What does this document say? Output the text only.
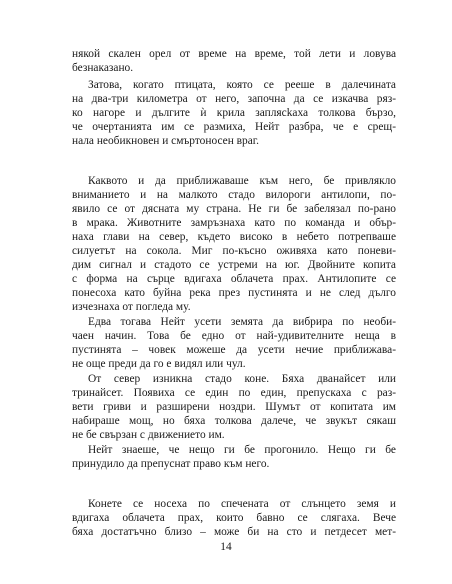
някой скален орел от време на време, той лети и ловува
безнаказано.
Затова, когато птицата, която се рееше в далечината
на два-три километра от него, започна да се изкачва ряз-
ко нагоре и дългите ѝ крила заплясkaха толкова бързо,
че очертанията им се размиха, Нейт разбра, че е срещ-
нала необикновен и смъртоносен враг.
Каквото и да приближаваше към него, бе привлякло
вниманието и на малкото стадо вилороги антилопи, по-
явило се от дясната му страна. Не ги бе забелязал по-рано
в мрака. Животните замръзнаха като по команда и обър-
наха глави на север, където високо в небето потрепваше
силуетът на сокола. Миг по-късно оживяха като поневи-
дим сигнал и стадото се устреми на юг. Двойните копита
с форма на сърце вдигаха облачета прах. Антилопите се
понесоха като буйна река през пустинята и не след дълго
изчезнаха от погледа му.
Едва тогава Нейт усети земята да вибрира по необи-
чаен начин. Това бе едно от най-удивителните неща в
пустинята – човек можеше да усети нечие приближава-
не още преди да го е видял или чул.
От север изникна стадо коне. Бяха дванайсет или
тринайсет. Появиха се един по един, препускаха с раз-
вети гриви и разширени ноздри. Шумът от копитата им
набираше мощ, но бяха толкова далече, че звукът сякаш
не бе свързан с движението им.
Нейт знаеше, че нещо ги бе прогонило. Нещо ги бе
принудило да препуснат право към него.
Конете се носеха по спечената от слънцето земя и
вдигаха облачета прах, които бавно се слягаха. Вече
бяха достатъчно близо – може би на сто и петдесет мет-
14
